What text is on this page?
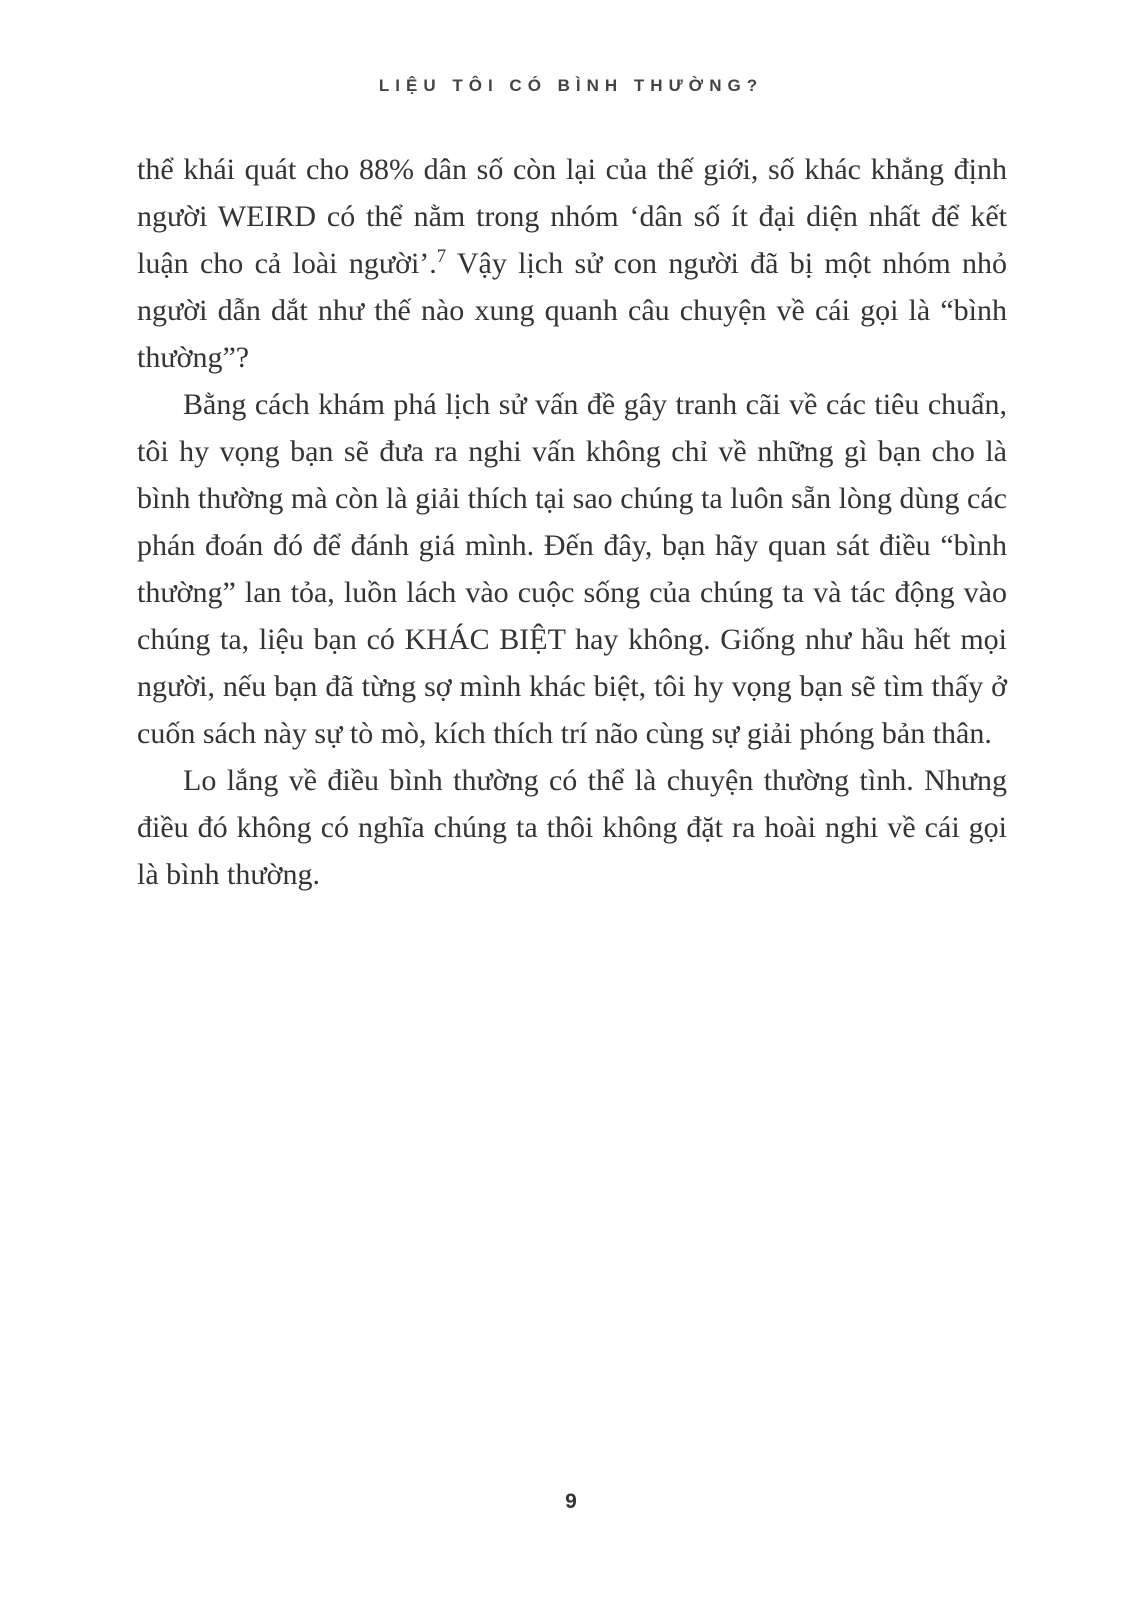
LIỆU TÔI CÓ BÌNH THƯỜNG?

thể khái quát cho 88% dân số còn lại của thế giới, số khác khẳng định người WEIRD có thể nằm trong nhóm ‘dân số ít đại diện nhất để kết luận cho cả loài người’.$^7$ Vậy lịch sử con người đã bị một nhóm nhỏ người dẫn dắt như thế nào xung quanh câu chuyện về cái gọi là “bình thường”?

Bằng cách khám phá lịch sử vấn đề gây tranh cãi về các tiêu chuẩn, tôi hy vọng bạn sẽ đưa ra nghi vấn không chỉ về những gì bạn cho là bình thường mà còn là giải thích tại sao chúng ta luôn sẵn lòng dùng các phán đoán đó để đánh giá mình. Đến đây, bạn hãy quan sát điều “bình thường” lan tỏa, luồn lách vào cuộc sống của chúng ta và tác động vào chúng ta, liệu bạn có KHÁC BIỆT hay không. Giống như hầu hết mọi người, nếu bạn đã từng sợ mình khác biệt, tôi hy vọng bạn sẽ tìm thấy ở cuốn sách này sự tò mò, kích thích trí não cùng sự giải phóng bản thân.

Lo lắng về điều bình thường có thể là chuyện thường tình. Nhưng điều đó không có nghĩa chúng ta thôi không đặt ra hoài nghi về cái gọi là bình thường.

9
